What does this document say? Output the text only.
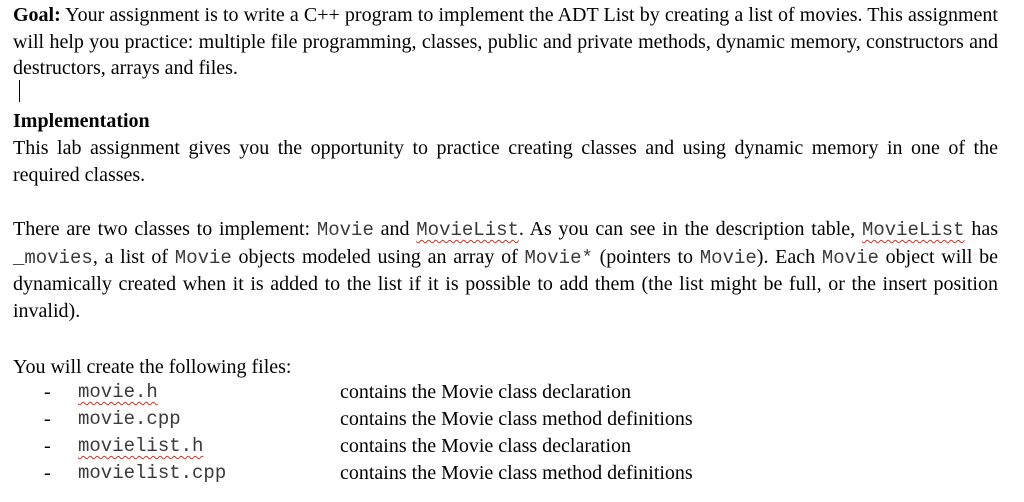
Goal: Your assignment is to write a C++ program to implement the ADT List by creating a list of movies. This assignment will help you practice: multiple file programming, classes, public and private methods, dynamic memory, constructors and destructors, arrays and files.

Implementation

This lab assignment gives you the opportunity to practice creating classes and using dynamic memory in one of the required classes.

There are two classes to implement: Movie and MovieList. As you can see in the description table, MovieList has _movies, a list of Movie objects modeled using an array of Movie* (pointers to Movie). Each Movie object will be dynamically created when it is added to the list if it is possible to add them (the list might be full, or the insert position invalid).

You will create the following files:

- movie.h	contains the Movie class declaration
- movie.cpp	contains the Movie class method definitions
- movielist.h	contains the Movie class declaration
- movielist.cpp	contains the Movie class method definitions
